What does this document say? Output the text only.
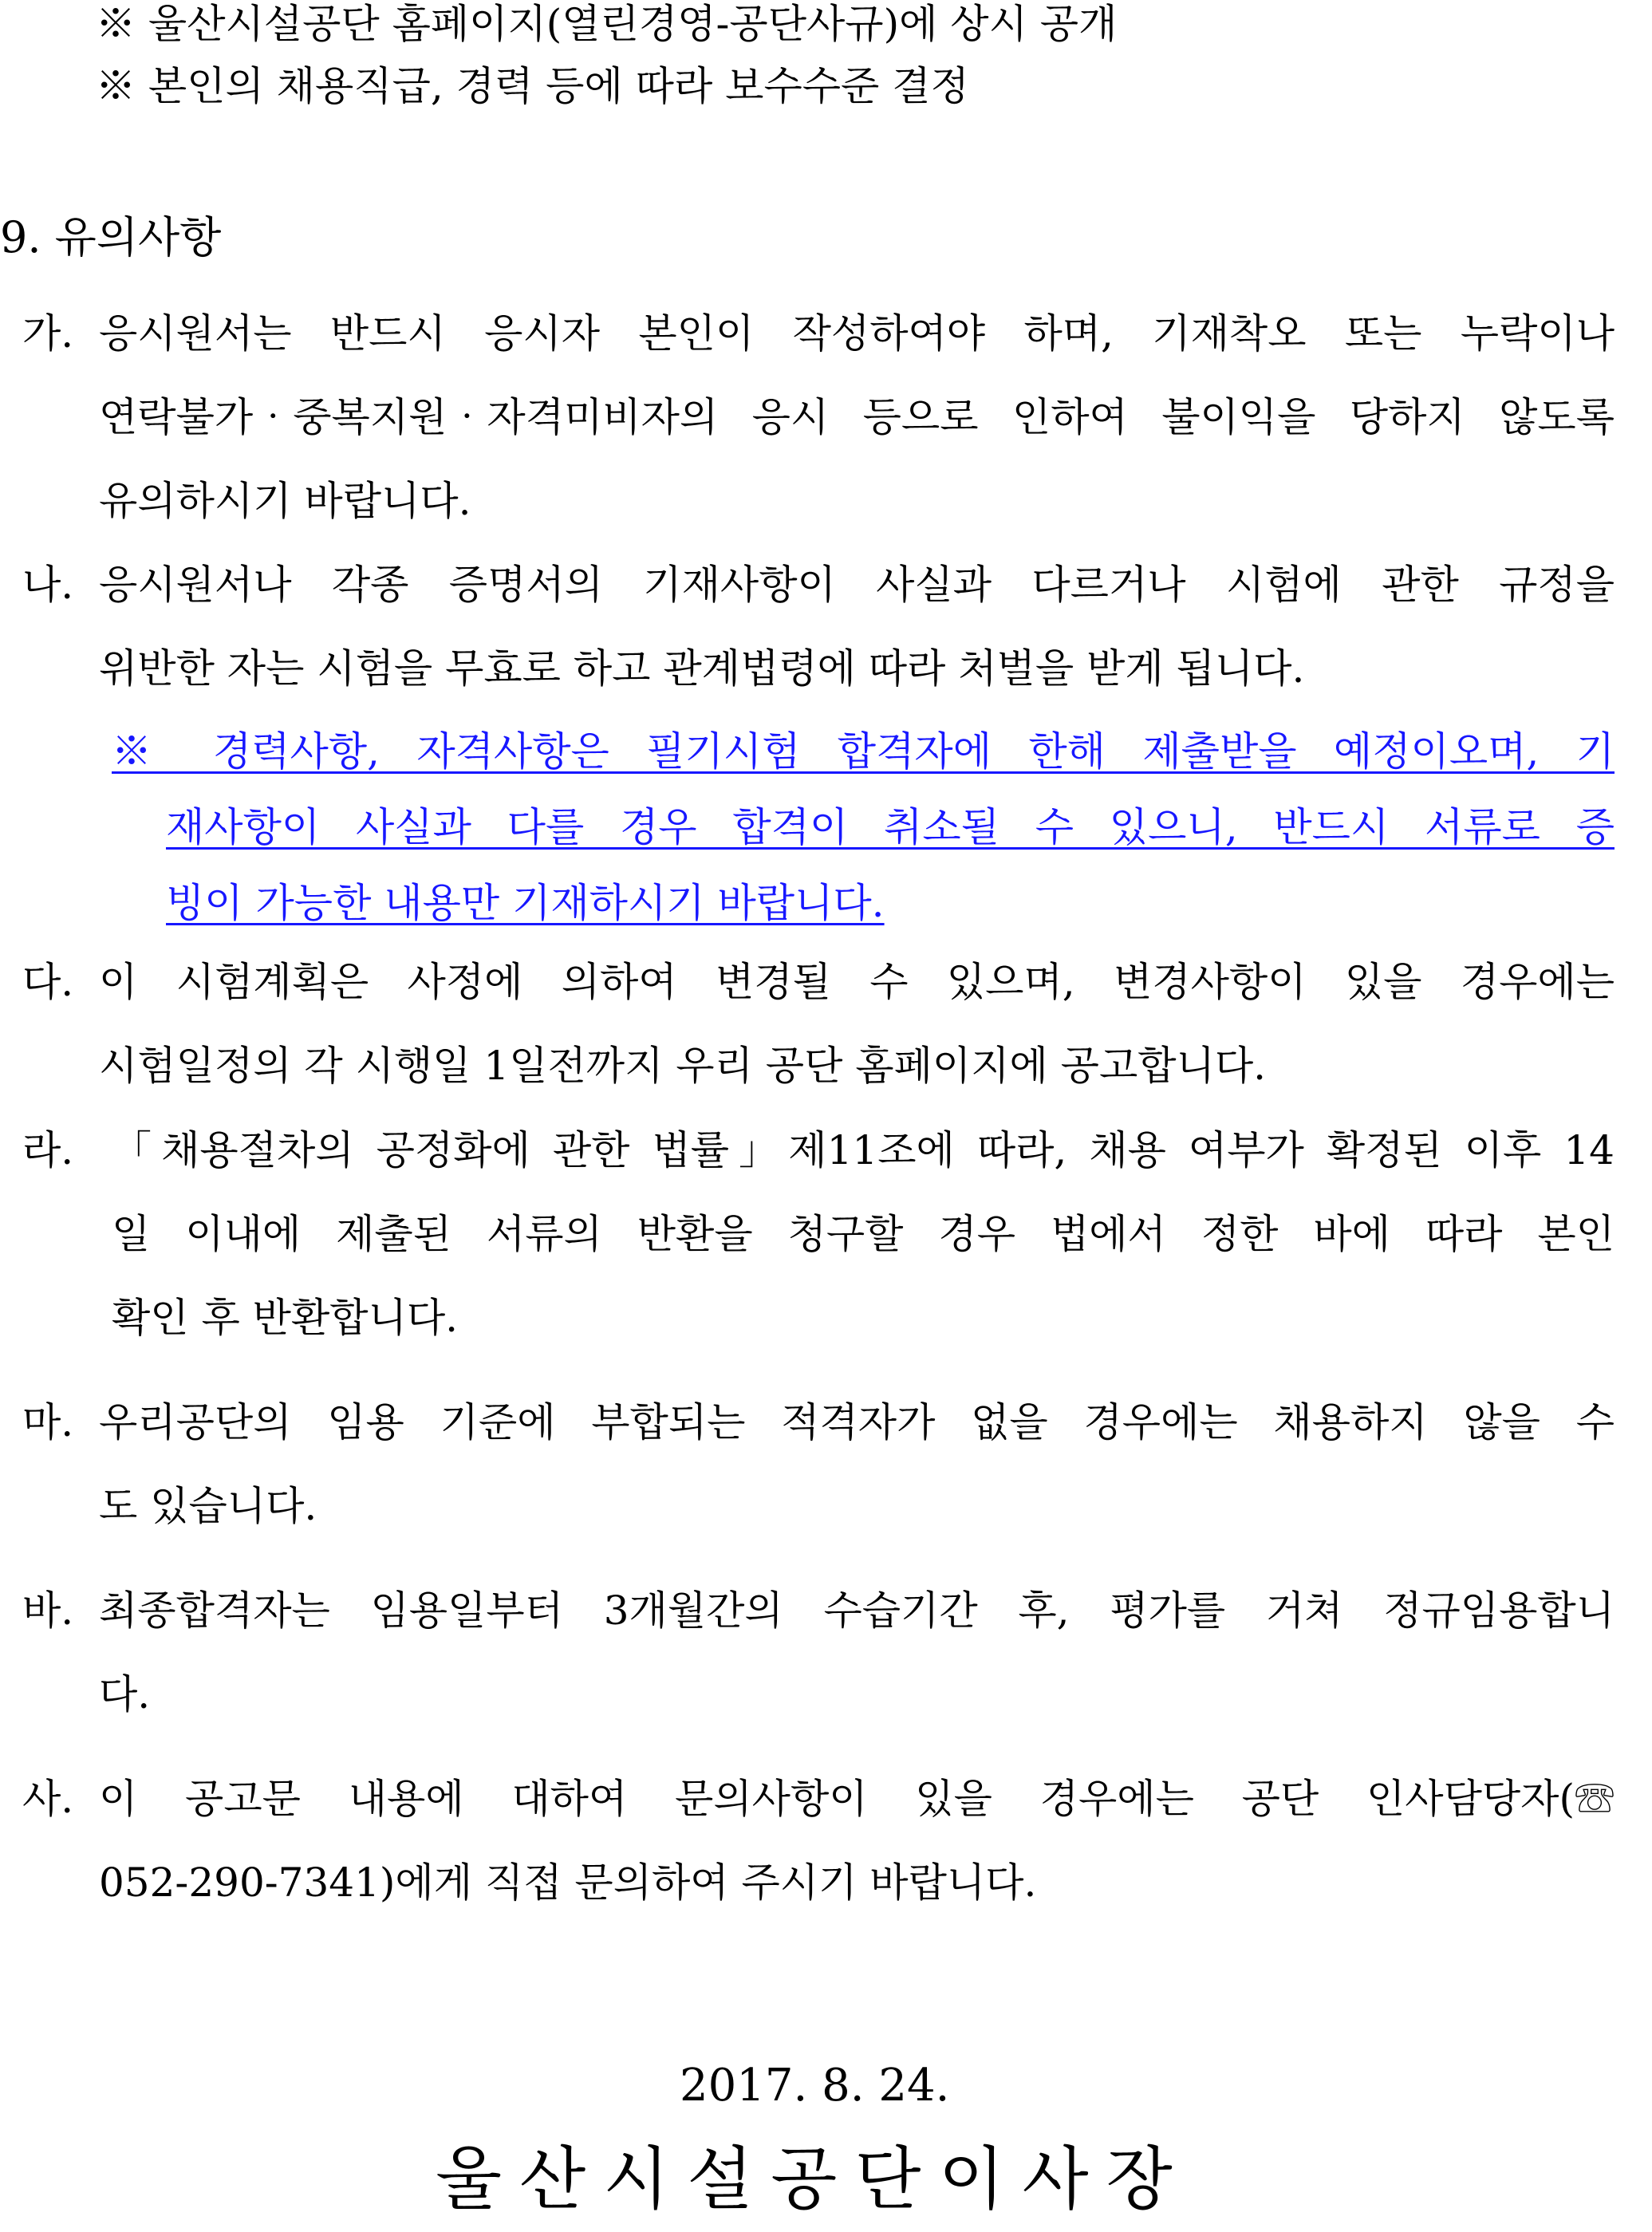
※ 울산시설공단 홈페이지(열린경영-공단사규)에 상시 공개
※ 본인의 채용직급, 경력 등에 따라 보수수준 결정
9. 유의사항
가. 응시원서는 반드시 응시자 본인이 작성하여야 하며, 기재착오 또는 누락이나
연락불가‧중복지원‧자격미비자의 응시 등으로 인하여 불이익을 당하지 않도록
유의하시기 바랍니다.
나. 응시원서나 각종 증명서의 기재사항이 사실과 다르거나 시험에 관한 규정을
위반한 자는 시험을 무효로 하고 관계법령에 따라 처벌을 받게 됩니다.
※ 경력사항, 자격사항은 필기시험 합격자에 한해 제출받을 예정이오며, 기
재사항이 사실과 다를 경우 합격이 취소될 수 있으니, 반드시 서류로 증
빙이 가능한 내용만 기재하시기 바랍니다.
다. 이 시험계획은 사정에 의하여 변경될 수 있으며, 변경사항이 있을 경우에는
시험일정의 각 시행일 1일전까지 우리 공단 홈페이지에 공고합니다.
라. 「채용절차의 공정화에 관한 법률」제11조에 따라, 채용 여부가 확정된 이후 14
일 이내에 제출된 서류의 반환을 청구할 경우 법에서 정한 바에 따라 본인
확인 후 반환합니다.
마. 우리공단의 임용 기준에 부합되는 적격자가 없을 경우에는 채용하지 않을 수
도 있습니다.
바. 최종합격자는 임용일부터 3개월간의 수습기간 후, 평가를 거쳐 정규임용합니
다.
사. 이 공고문 내용에 대하여 문의사항이 있을 경우에는 공단 인사담당자(☏
052-290-7341)에게 직접 문의하여 주시기 바랍니다.
2017. 8. 24.
울산시설공단이사장
